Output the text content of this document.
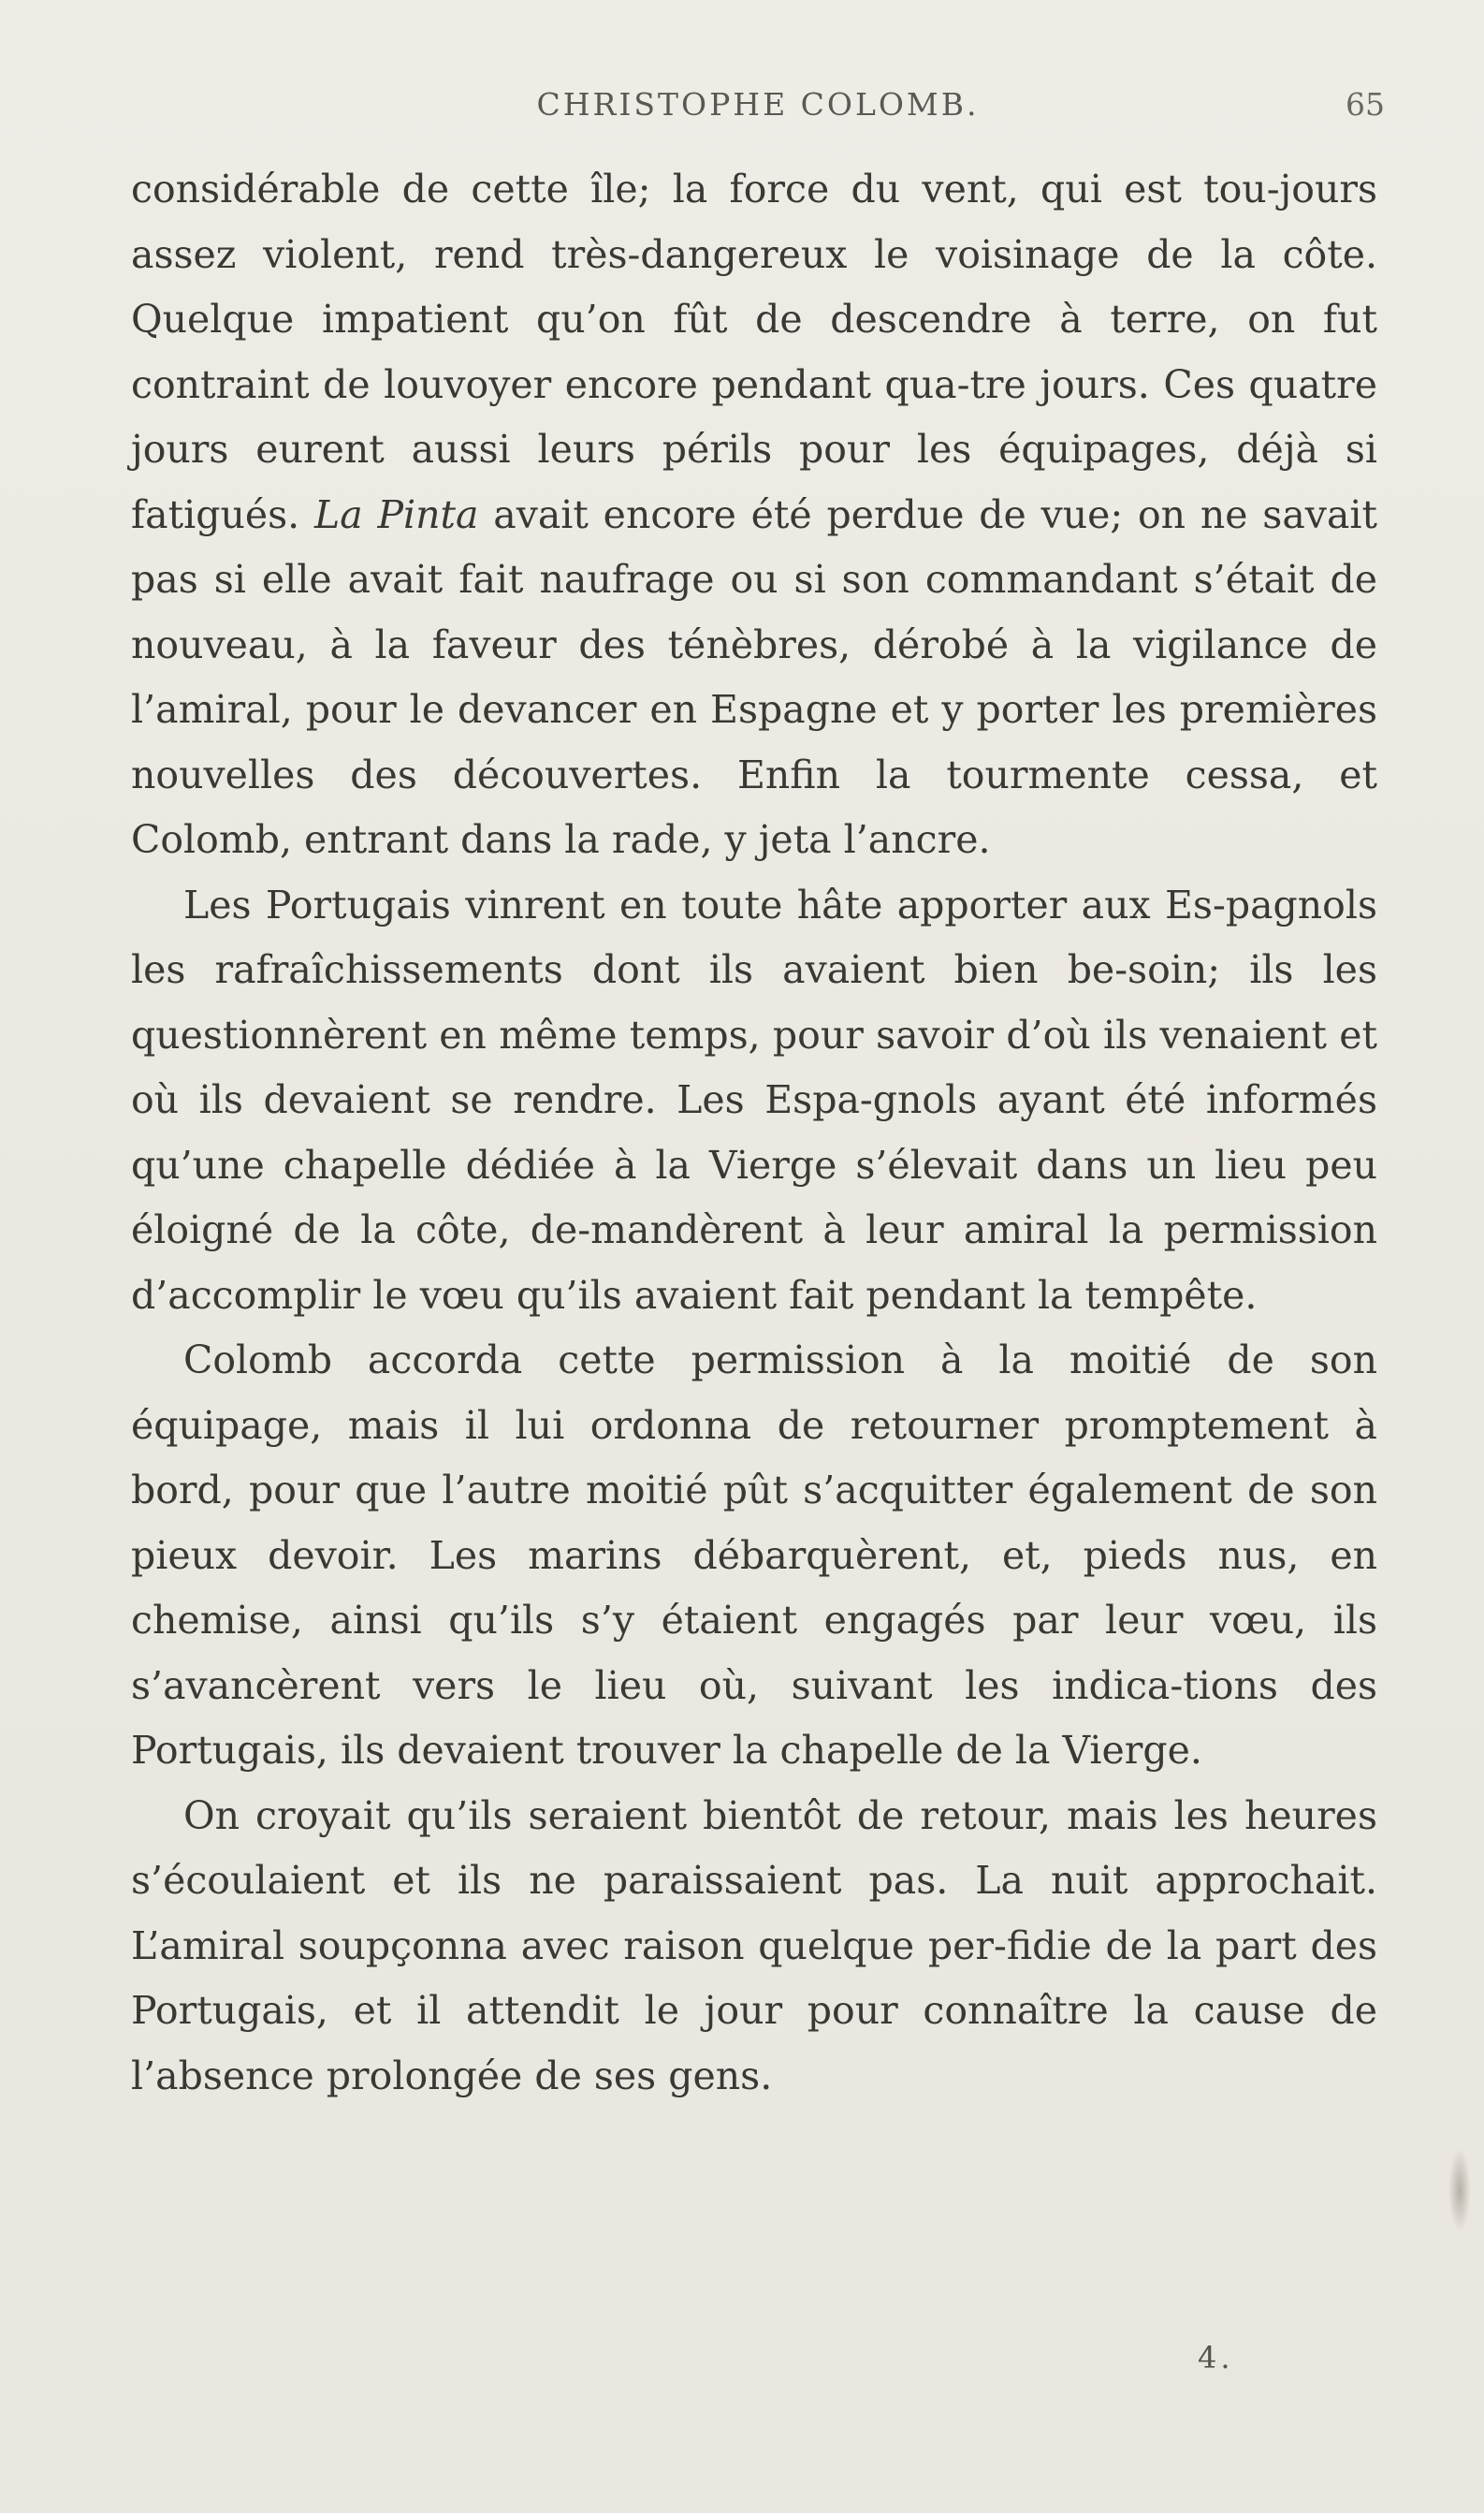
CHRISTOPHE COLOMB.	65

considérable de cette île; la force du vent, qui est tou-jours assez violent, rend très-dangereux le voisinage de la côte. Quelque impatient qu’on fût de descendre à terre, on fut contraint de louvoyer encore pendant qua-tre jours. Ces quatre jours eurent aussi leurs périls pour les équipages, déjà si fatigués. La Pinta avait encore été perdue de vue; on ne savait pas si elle avait fait naufrage ou si son commandant s’était de nouveau, à la faveur des ténèbres, dérobé à la vigilance de l’amiral, pour le devancer en Espagne et y porter les premières nouvelles des découvertes. Enfin la tourmente cessa, et Colomb, entrant dans la rade, y jeta l’ancre.

Les Portugais vinrent en toute hâte apporter aux Es-pagnols les rafraîchissements dont ils avaient bien be-soin; ils les questionnèrent en même temps, pour savoir d’où ils venaient et où ils devaient se rendre. Les Espa-gnols ayant été informés qu’une chapelle dédiée à la Vierge s’élevait dans un lieu peu éloigné de la côte, de-mandèrent à leur amiral la permission d’accomplir le vœu qu’ils avaient fait pendant la tempête.

Colomb accorda cette permission à la moitié de son équipage, mais il lui ordonna de retourner promptement à bord, pour que l’autre moitié pût s’acquitter également de son pieux devoir. Les marins débarquèrent, et, pieds nus, en chemise, ainsi qu’ils s’y étaient engagés par leur vœu, ils s’avancèrent vers le lieu où, suivant les indica-tions des Portugais, ils devaient trouver la chapelle de la Vierge.

On croyait qu’ils seraient bientôt de retour, mais les heures s’écoulaient et ils ne paraissaient pas. La nuit approchait. L’amiral soupçonna avec raison quelque per-fidie de la part des Portugais, et il attendit le jour pour connaître la cause de l’absence prolongée de ses gens.

4.
